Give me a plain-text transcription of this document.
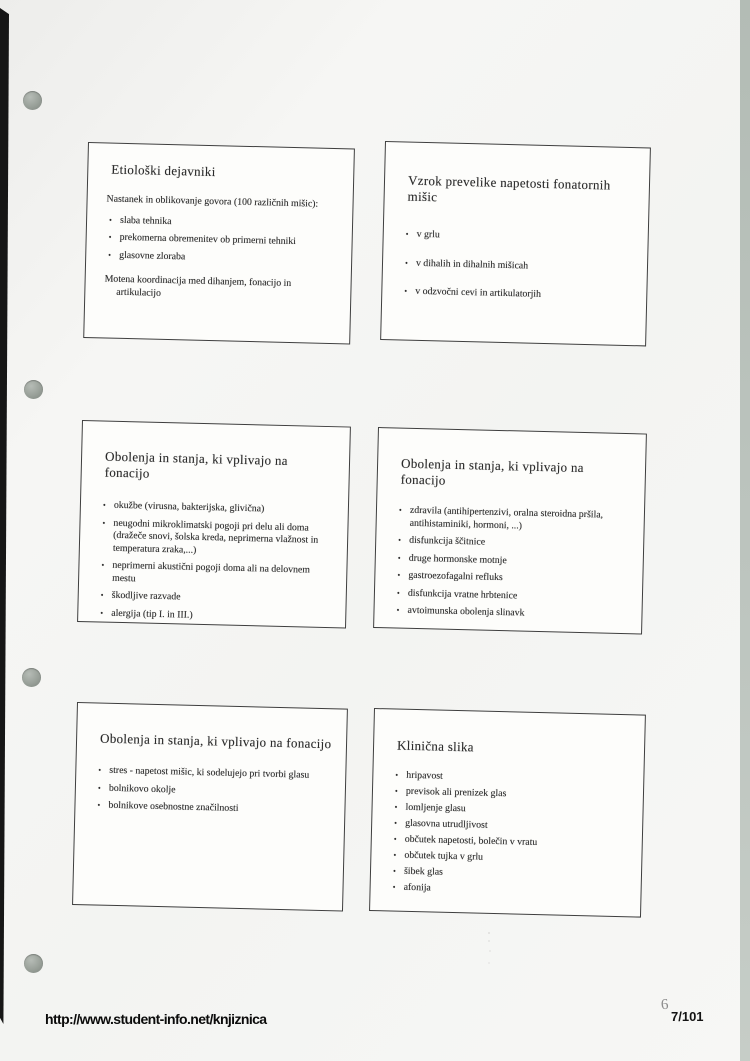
Etiološki dejavniki

Nastanek in oblikovanje govora (100 različnih mišic):

• slaba tehnika
• prekomerna obremenitev ob primerni tehniki
• glasovne zloraba

Motena koordinacija med dihanjem, fonacijo in artikulacijo

Vzrok prevelike napetosti fonatornih mišic
• v grlu
• v dihalih in dihalnih mišicah
• v odzvočni cevi in artikulatorjih
Obolenja in stanja, ki vplivajo na fonacijo
• okužbe (virusna, bakterijska, glivična)
• neugodni mikroklimatski pogoji pri delu ali doma (dražeče snovi, šolska kreda, neprimerna vlažnost in temperatura zraka,...)
• neprimerni akustični pogoji doma ali na delovnem mestu
• škodljive razvade
• alergija (tip I. in III.)
Obolenja in stanja, ki vplivajo na fonacijo
• zdravila (antihipertenzivi, oralna steroidna pršila, antihistaminiki, hormoni, ...)
• disfunkcija ščitnice
• druge hormonske motnje
• gastroezofagalni refluks
• disfunkcija vratne hrbtenice
• avtoimunska obolenja slinavk
Obolenja in stanja, ki vplivajo na fonacijo
• stres - napetost mišic, ki sodelujejo pri tvorbi glasu
• bolnikovo okolje
• bolnikove osebnostne značilnosti
Klinična slika
• hripavost
• previsok ali prenizek glas
• lomljenje glasu
• glasovna utrudljivost
• občutek napetosti, bolečin v vratu
• občutek tujka v grlu
• šibek glas
• afonija
http://www.student-info.net/knjiznica
6
7/101
